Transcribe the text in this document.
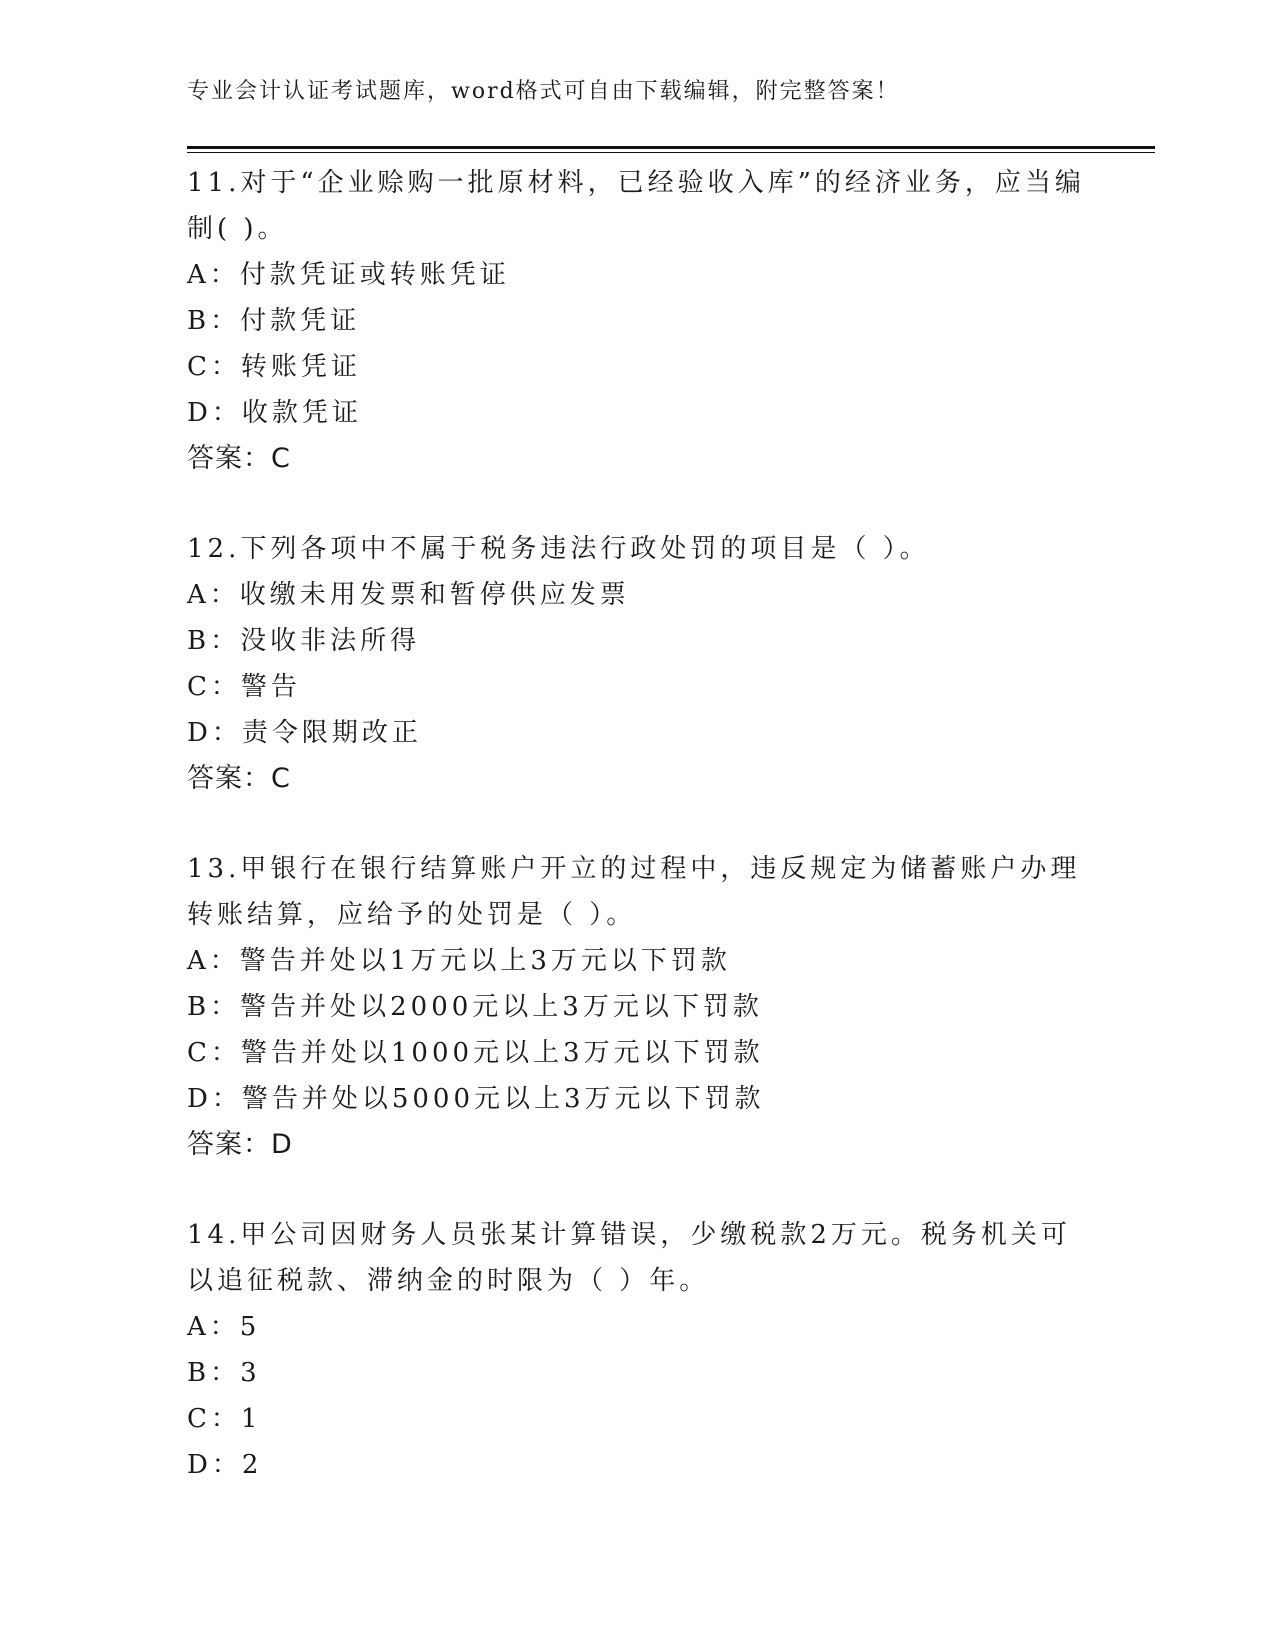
专业会计认证考试题库，word格式可自由下载编辑，附完整答案！

11.对于“企业赊购一批原材料，已经验收入库”的经济业务，应当编制( )。

A：付款凭证或转账凭证

B：付款凭证

C：转账凭证

D：收款凭证

答案：C

12.下列各项中不属于税务违法行政处罚的项目是（ ）。

A：收缴未用发票和暂停供应发票

B：没收非法所得

C：警告

D：责令限期改正

答案：C

13.甲银行在银行结算账户开立的过程中，违反规定为储蓄账户办理转账结算，应给予的处罚是（ ）。

A：警告并处以1万元以上3万元以下罚款

B：警告并处以2000元以上3万元以下罚款

C：警告并处以1000元以上3万元以下罚款

D：警告并处以5000元以上3万元以下罚款

答案：D

14.甲公司因财务人员张某计算错误，少缴税款2万元。税务机关可以追征税款、滞纳金的时限为（ ）年。

A：5

B：3

C：1

D：2
